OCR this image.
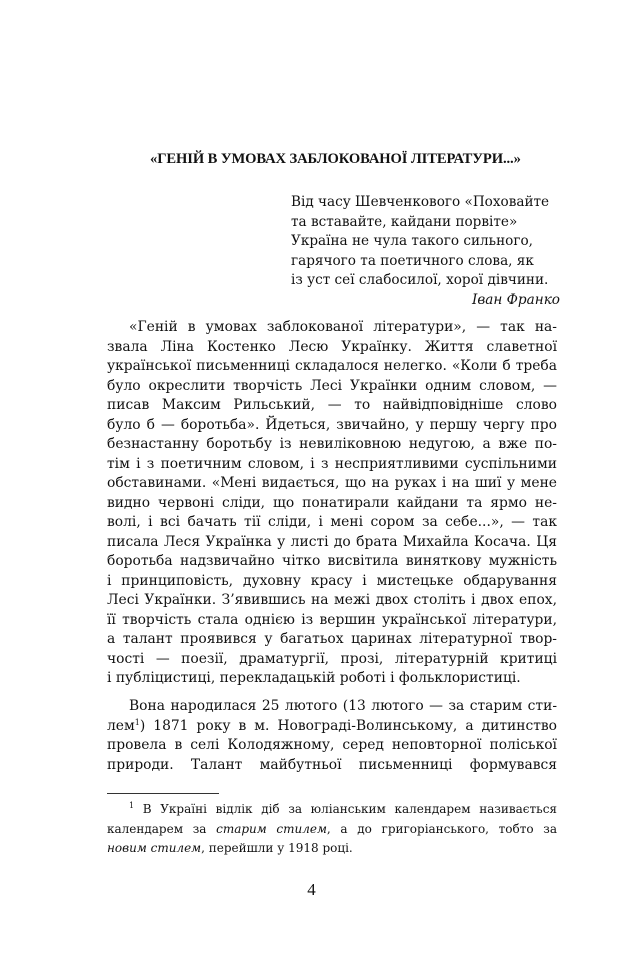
«ГЕНІЙ В УМОВАХ ЗАБЛОКОВАНОЇ ЛІТЕРАТУРИ...»
Від часу Шевченкового «Поховайте
та вставайте, кайдани порвіте»
Україна не чула такого сильного,
гарячого та поетичного слова, як
із уст сеї слабосилої, хорої дівчини.
Іван Франко
«Геній в умовах заблокованої літератури», — так на-
звала Ліна Костенко Лесю Українку. Життя славетної
української письменниці складалося нелегко. «Коли б треба
було окреслити творчість Лесі Українки одним словом, —
писав Максим Рильський, — то найвідповідніше слово
було б — боротьба». Йдеться, звичайно, у першу чергу про
безнастанну боротьбу із невиліковною недугою, а вже по-
тім і з поетичним словом, і з несприятливими суспільними
обставинами. «Мені видається, що на руках і на шиї у мене
видно червоні сліди, що понатирали кайдани та ярмо не-
волі, і всі бачать тії сліди, і мені сором за себе...», — так
писала Леся Українка у листі до брата Михайла Косача. Ця
боротьба надзвичайно чітко висвітила виняткову мужність
і принциповість, духовну красу і мистецьке обдарування
Лесі Українки. З’явившись на межі двох століть і двох епох,
її творчість стала однією із вершин української літератури,
а талант проявився у багатьох царинах літературної твор-
чості — поезії, драматургії, прозі, літературній критиці
і публіцистиці, перекладацькій роботі і фольклористиці.
Вона народилася 25 лютого (13 лютого — за старим сти-
лем$^1$) 1871 року в м. Новограді-Волинському, а дитинство
провела в селі Колодяжному, серед неповторної поліської
природи. Талант майбутньої письменниці формувався
$^1$ В Україні відлік діб за юліанським календарем називається
календарем за старим стилем, а до григоріанського, тобто за
новим стилем, перейшли у 1918 році.
4
